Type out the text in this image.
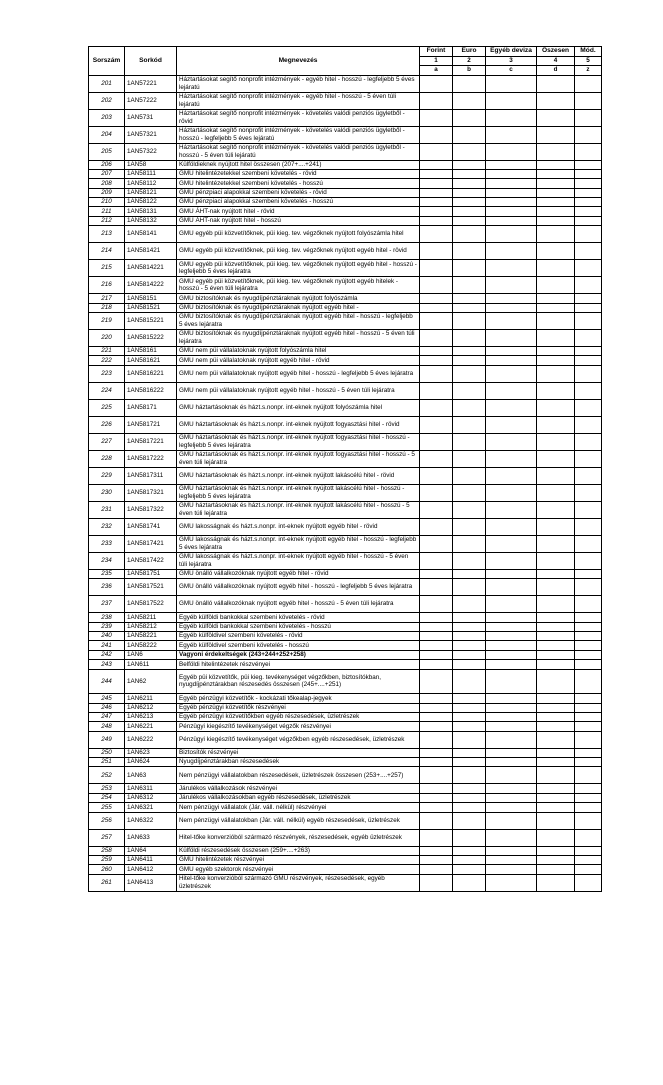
Sorszám	Sorkód	Megnevezés	Forint	Euro	Egyéb deviza	Öszesen	Mód.
			1	2	3	4	5
			a	b	c	d	z
201	1AN57221	Háztartásokat segítő nonprofit intézmények - egyéb hitel - hosszú - legfeljebb 5 éves lejáratú					
202	1AN57222	Háztartásokat segítő nonprofit intézmények - egyéb hitel - hosszú - 5 éven túli lejáratú					
203	1AN5731	Háztartásokat segítő nonprofit intézmények - követelés valódi penziós ügyletből - rövid					
204	1AN57321	Háztartásokat segítő nonprofit intézmények - követelés valódi penziós ügyletből - hosszú - legfeljebb 5 éves lejáratú					
205	1AN57322	Háztartásokat segítő nonprofit intézmények - követelés valódi penziós ügyletből - hosszú - 5 éven túli lejáratú					
206	1AN58	Külföldieknek nyújtott hitel összesen (207+....+241)					
207	1AN58111	GMU hitelintézetekkel szembeni követelés - rövid					
208	1AN58112	GMU hitelintézetekkel szembeni követelés - hosszú					
209	1AN58121	GMU pénzpiaci alapokkal szembeni követelés - rövid					
210	1AN58122	GMU pénzpiaci alapokkal szembeni követelés - hosszú					
211	1AN58131	GMU ÁHT-nak nyújtott hitel - rövid					
212	1AN58132	GMU ÁHT-nak nyújtott hitel - hosszú					
213	1AN58141	GMU egyéb püi közvetítőknek, püi kieg. tev. végzőknek nyújtott folyószámla hitel					
214	1AN581421	GMU egyéb püi közvetítőknek, püi kieg. tev. végzőknek nyújtott egyéb hitel - rövid					
215	1AN5814221	GMU egyéb püi közvetítőknek, püi kieg. tev. végzőknek nyújtott egyéb hitel - hosszú - legfeljebb 5 éves lejáratra					
216	1AN5814222	GMU egyéb püi közvetítőknek, püi kieg. tev. végzőknek nyújtott egyéb hitelek - hosszú - 5 éven túli lejáratra					
217	1AN58151	GMU biztosítóknak és nyugdíjpénztáraknak nyújtott folyószámla					
218	1AN581521	GMU biztosítóknak és nyugdíjpénztáraknak nyújtott egyéb hitel -					
219	1AN5815221	GMU biztosítóknak és nyugdíjpénztáraknak nyújtott egyéb hitel - hosszú - legfeljebb 5 éves lejáratra					
220	1AN5815222	GMU biztosítóknak és nyugdíjpénztáraknak nyújtott egyéb hitel - hosszú - 5 éven túli lejáratra					
221	1AN58161	GMU nem püi vállalatoknak nyújtott folyószámla hitel					
222	1AN581621	GMU nem püi vállalatoknak nyújtott egyéb hitel - rövid					
223	1AN5816221	GMU nem püi vállalatoknak nyújtott egyéb hitel - hosszú - legfeljebb 5 éves lejáratra					
224	1AN5816222	GMU nem püi vállalatoknak nyújtott egyéb hitel - hosszú - 5 éven túli lejáratra					
225	1AN58171	GMU háztartásoknak és házt.s.nonpr. int-eknek nyújtott folyószámla hitel					
226	1AN581721	GMU háztartásoknak és házt.s.nonpr. int-eknek nyújtott fogyasztási hitel - rövid					
227	1AN5817221	GMU háztartásoknak és házt.s.nonpr. int-eknek nyújtott fogyasztási hitel - hosszú - legfeljebb 5 éves lejáratra					
228	1AN5817222	GMU háztartásoknak és házt.s.nonpr. int-eknek nyújtott fogyasztási hitel - hosszú - 5 éven túli lejáratra					
229	1AN5817311	GMU háztartásoknak és házt.s.nonpr. int-eknek nyújtott lakáscélú hitel - rövid					
230	1AN5817321	GMU háztartásoknak és házt.s.nonpr. int-eknek nyújtott lakáscélú hitel - hosszú - legfeljebb 5 éves lejáratra					
231	1AN5817322	GMU háztartásoknak és házt.s.nonpr. int-eknek nyújtott lakáscélú hitel - hosszú - 5 éven túli lejáratra					
232	1AN581741	GMU lakosságnak és házt.s.nonpr. int-eknek nyújtott egyéb hitel - rövid					
233	1AN5817421	GMU lakosságnak és házt.s.nonpr. int-eknek nyújtott egyéb hitel - hosszú - legfeljebb 5 éves lejáratra					
234	1AN5817422	GMU lakosságnak és házt.s.nonpr. int-eknek nyújtott egyéb hitel - hosszú - 5 éven túli lejáratra					
235	1AN581751	GMU önálló vállalkozóknak nyújtott egyéb hitel - rövid					
236	1AN5817521	GMU önálló vállalkozóknak nyújtott egyéb hitel - hosszú - legfeljebb 5 éves lejáratra					
237	1AN5817522	GMU önálló vállalkozóknak nyújtott egyéb hitel - hosszú - 5 éven túli lejáratra					
238	1AN58211	Egyéb külföldi bankokkal szembeni követelés - rövid					
239	1AN58212	Egyéb külföldi bankokkal szembeni követelés - hosszú					
240	1AN58221	Egyéb külföldivel szembeni követelés - rövid					
241	1AN58222	Egyéb külföldivel szembeni követelés - hosszú					
242	1AN6	Vagyoni érdekeltségek (243+244+252+258)					
243	1AN611	Belföldi hitelintézetek részvényei					
244	1AN62	Egyéb püi közvetítők, püi kieg. tevékenységet végzőkben, biztosítókban, nyugdíjpénztárakban részesedés összesen (245+....+251)					
245	1AN6211	Egyéb pénzügyi közvetítők - kockázati tőkealap-jegyek					
246	1AN6212	Egyéb pénzügyi közvetítők részvényei					
247	1AN6213	Egyéb pénzügyi közvetítőkben egyéb részesedések, üzletrészek					
248	1AN6221	Pénzügyi kiegészítő tevékenységet végzők részvényei					
249	1AN6222	Pénzügyi kiegészítő tevékenységet végzőkben egyéb részesedések, üzletrészek					
250	1AN623	Biztosítók részvényei					
251	1AN624	Nyugdíjpénztárakban részesedések					
252	1AN63	Nem pénzügyi vállalatokban részesedések, üzletrészek összesen (253+....+257)					
253	1AN6311	Járulékos vállalkozások részvényei					
254	1AN6312	Járulékos vállalkozásokban egyéb részesedések, üzletrészek					
255	1AN6321	Nem pénzügyi vállalatok (Jár. váll. nélkül) részvényei					
256	1AN6322	Nem pénzügyi vállalatokban (Jár. váll. nélkül) egyéb részesedések, üzletrészek					
257	1AN633	Hitel-tőke konverzióból származó részvények, részesedések, egyéb üzletrészek					
258	1AN64	Külföldi részesedések összesen (259+....+263)					
259	1AN6411	GMU hitelintézetek részvényei					
260	1AN6412	GMU egyéb szektorok részvényei					
261	1AN6413	Hitel-tőke konverzióból származó GMU részvények, részesedések, egyéb üzletrészek					
